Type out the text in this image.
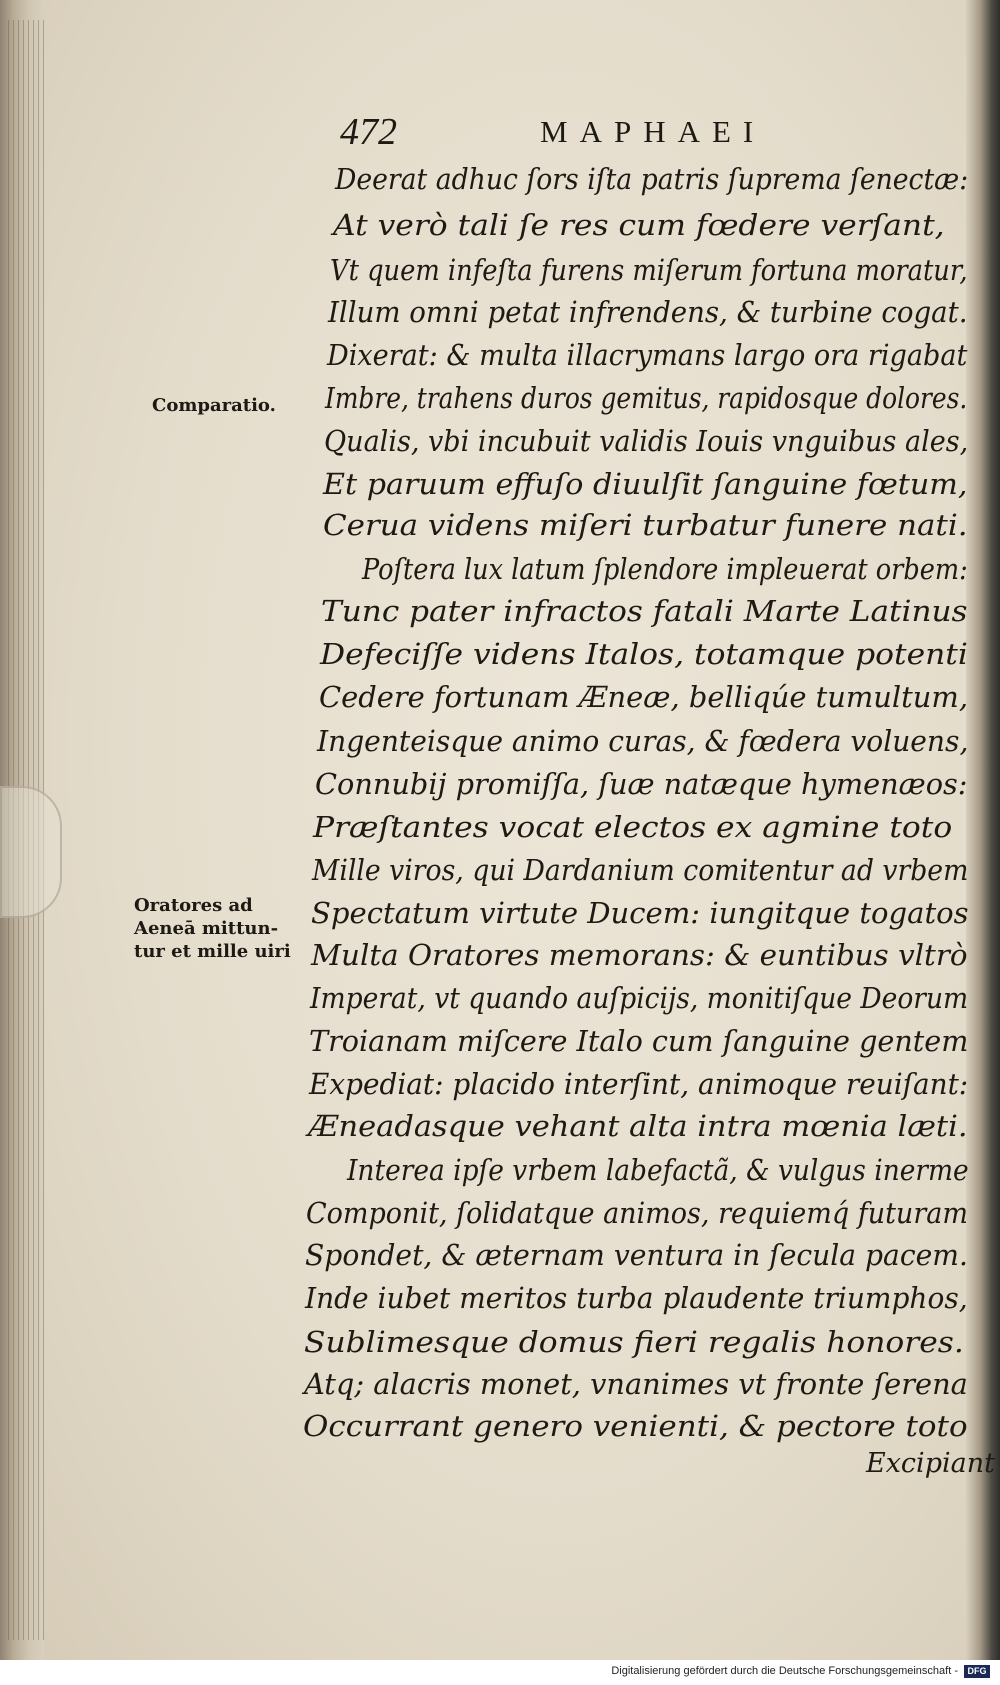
472	MAPHAEI
Comparatio.
Oratores ad
Aeneā mittun-
tur et mille uiri
Deerat adhuc ſors iſta patris ſuprema ſenectæ:
At verò tali ſe res cum fœdere verſant,
Vt quem infeſta furens miſerum fortuna moratur,
Illum omni petat infrendens, & turbine cogat.
Dixerat: & multa illacrymans largo ora rigabat
Imbre, trahens duros gemitus, rapidosque dolores.
Qualis, vbi incubuit validis Iouis vnguibus ales,
Et paruum effuſo diuulſit ſanguine fœtum,
Cerua videns miſeri turbatur funere nati.
Poſtera lux latum ſplendore impleuerat orbem:
Tunc pater infractos fatali Marte Latinus
Defeciſſe videns Italos, totamque potenti
Cedere fortunam Æneæ, belliqúe tumultum,
Ingenteisque animo curas, & fœdera voluens,
Connubij promiſſa, ſuæ natæque hymenæos:
Præſtantes vocat electos ex agmine toto
Mille viros, qui Dardanium comitentur ad vrbem
Spectatum virtute Ducem: iungitque togatos
Multa Oratores memorans: & euntibus vltrò
Imperat, vt quando auſpicijs, monitiſque Deorum
Troianam miſcere Italo cum ſanguine gentem
Expediat: placido interſint, animoque reuiſant:
Æneadasque vehant alta intra mœnia læti.
Interea ipſe vrbem labefactã, & vulgus inerme
Componit, ſolidatque animos, requiemq́ futuram
Spondet, & æternam ventura in ſecula pacem.
Inde iubet meritos turba plaudente triumphos,
Sublimesque domus fieri regalis honores.
Atq; alacris monet, vnanimes vt fronte ſerena
Occurrant genero venienti, & pectore toto
Excipiant
Digitalisierung gefördert durch die Deutsche Forschungsgemeinschaft -	DFG
